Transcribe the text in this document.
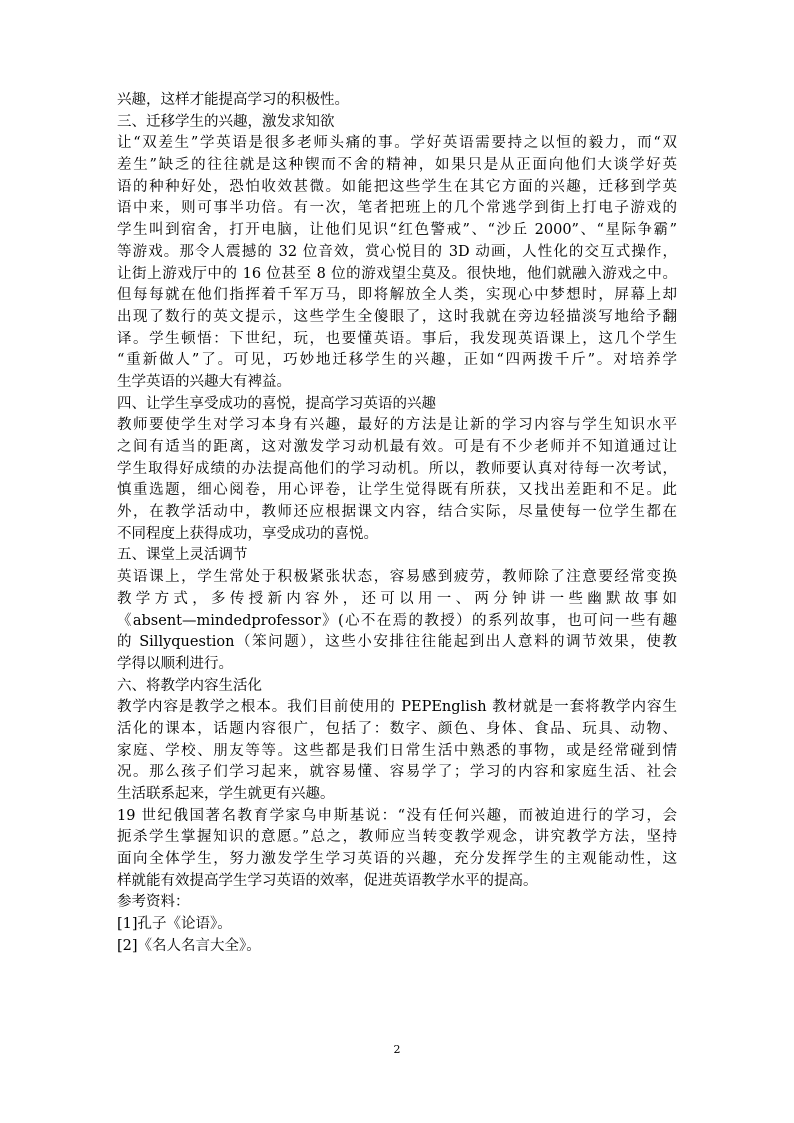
兴趣，这样才能提高学习的积极性。
三、迁移学生的兴趣，激发求知欲
让“双差生”学英语是很多老师头痛的事。学好英语需要持之以恒的毅力，而“双
差生”缺乏的往往就是这种锲而不舍的精神，如果只是从正面向他们大谈学好英
语的种种好处，恐怕收效甚微。如能把这些学生在其它方面的兴趣，迁移到学英
语中来，则可事半功倍。有一次，笔者把班上的几个常逃学到街上打电子游戏的
学生叫到宿舍，打开电脑，让他们见识“红色警戒”、“沙丘 2000”、“星际争霸”
等游戏。那令人震撼的 32 位音效，赏心悦目的 3D 动画，人性化的交互式操作，
让街上游戏厅中的 16 位甚至 8 位的游戏望尘莫及。很快地，他们就融入游戏之中。
但每每就在他们指挥着千军万马，即将解放全人类，实现心中梦想时，屏幕上却
出现了数行的英文提示，这些学生全傻眼了，这时我就在旁边轻描淡写地给予翻
译。学生顿悟：下世纪，玩，也要懂英语。事后，我发现英语课上，这几个学生
“重新做人”了。可见，巧妙地迁移学生的兴趣，正如“四两拨千斤”。对培养学
生学英语的兴趣大有裨益。
四、让学生享受成功的喜悦，提高学习英语的兴趣
教师要使学生对学习本身有兴趣，最好的方法是让新的学习内容与学生知识水平
之间有适当的距离，这对激发学习动机最有效。可是有不少老师并不知道通过让
学生取得好成绩的办法提高他们的学习动机。所以，教师要认真对待每一次考试，
慎重选题，细心阅卷，用心评卷，让学生觉得既有所获，又找出差距和不足。此
外，在教学活动中，教师还应根据课文内容，结合实际，尽量使每一位学生都在
不同程度上获得成功，享受成功的喜悦。
五、课堂上灵活调节
英语课上，学生常处于积极紧张状态，容易感到疲劳，教师除了注意要经常变换
教学方式，多传授新内容外，还可以用一、两分钟讲一些幽默故事如
《absent—mindedprofessor》(心不在焉的教授）的系列故事，也可问一些有趣
的 Sillyquestion（笨问题），这些小安排往往能起到出人意料的调节效果，使教
学得以顺利进行。
六、将教学内容生活化
教学内容是教学之根本。我们目前使用的 PEPEnglish 教材就是一套将教学内容生
活化的课本，话题内容很广，包括了：数字、颜色、身体、食品、玩具、动物、
家庭、学校、朋友等等。这些都是我们日常生活中熟悉的事物，或是经常碰到情
况。那么孩子们学习起来，就容易懂、容易学了；学习的内容和家庭生活、社会
生活联系起来，学生就更有兴趣。
19 世纪俄国著名教育学家乌申斯基说：“没有任何兴趣，而被迫进行的学习，会
扼杀学生掌握知识的意愿。”总之，教师应当转变教学观念，讲究教学方法，坚持
面向全体学生，努力激发学生学习英语的兴趣，充分发挥学生的主观能动性，这
样就能有效提高学生学习英语的效率，促进英语教学水平的提高。
参考资料：
[1]孔子《论语》。
[2]《名人名言大全》。
2
